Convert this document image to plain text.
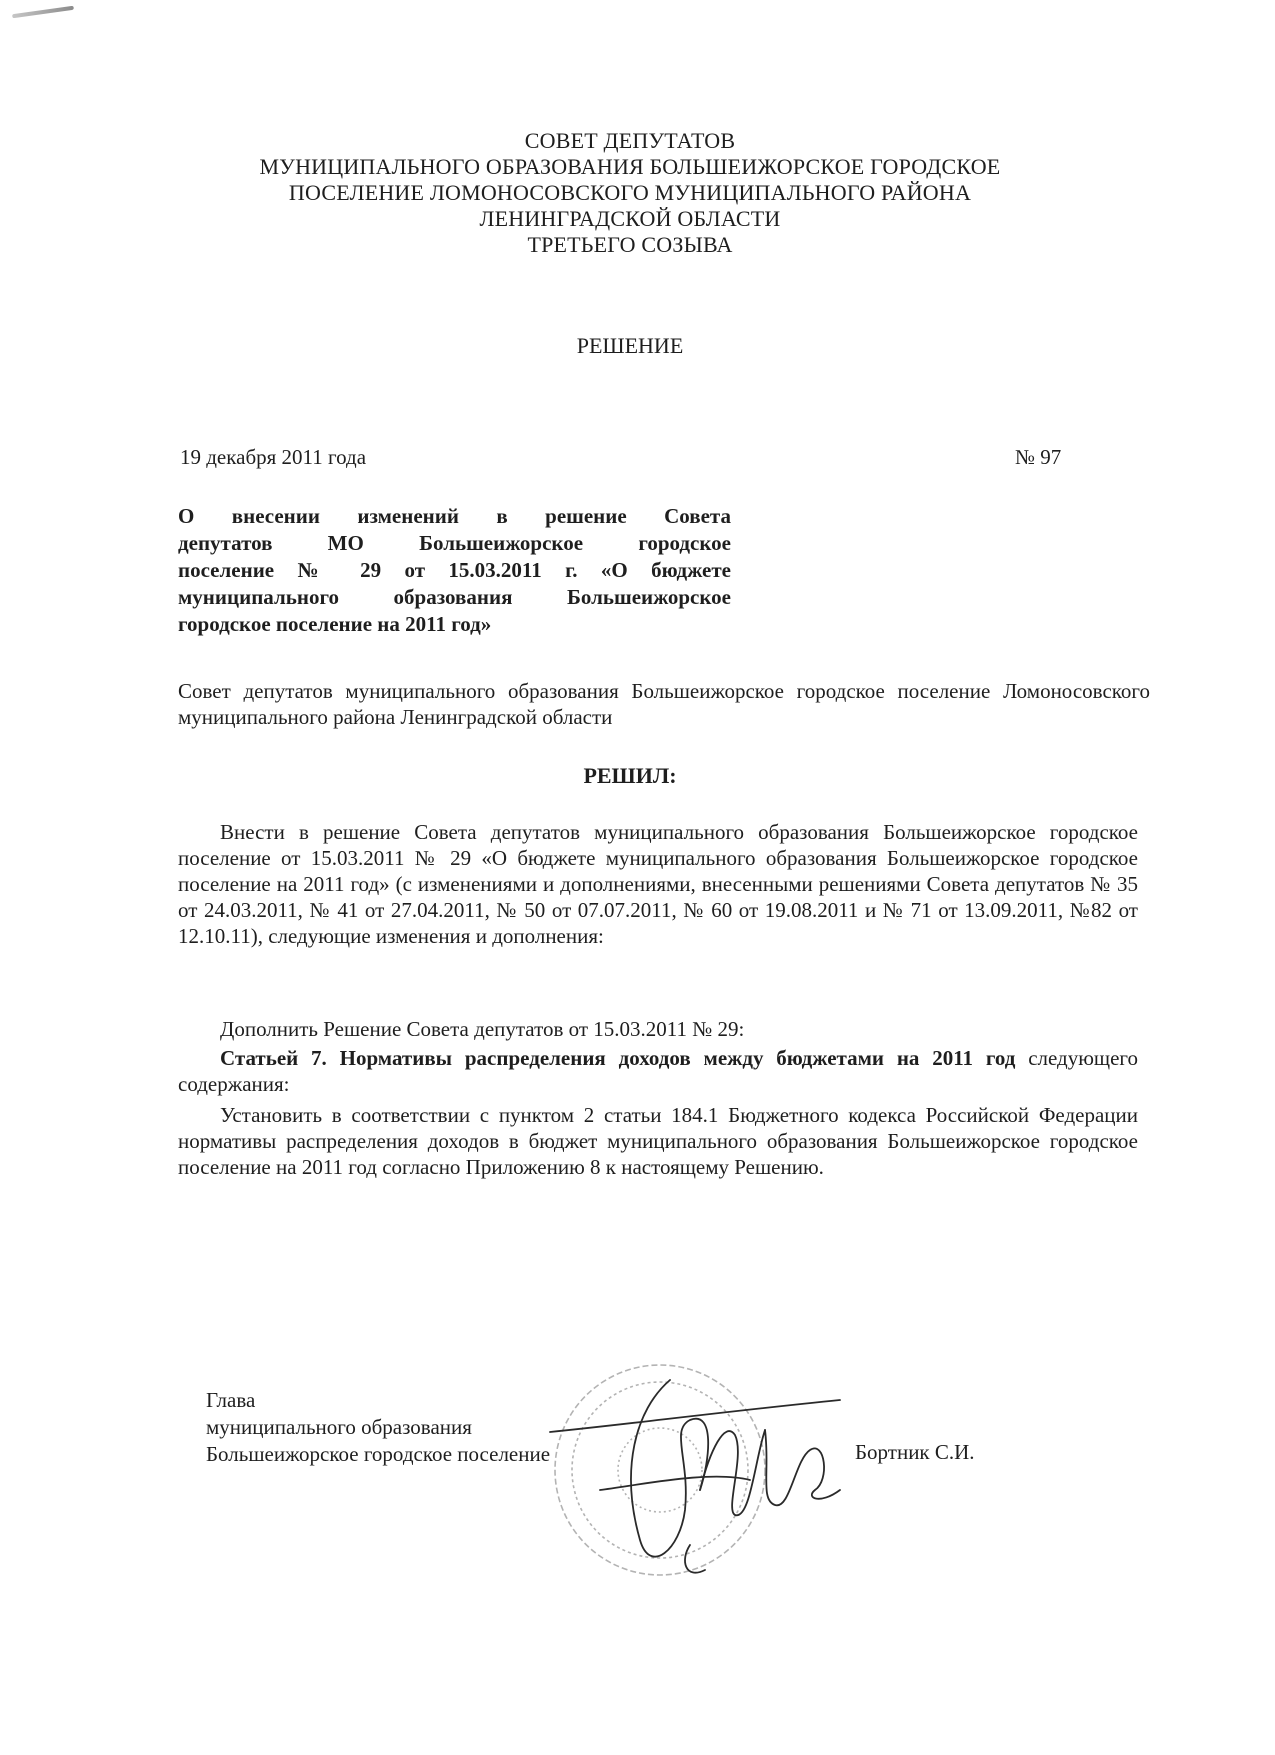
СОВЕТ ДЕПУТАТОВ
МУНИЦИПАЛЬНОГО ОБРАЗОВАНИЯ БОЛЬШЕИЖОРСКОЕ ГОРОДСКОЕ
ПОСЕЛЕНИЕ ЛОМОНОСОВСКОГО МУНИЦИПАЛЬНОГО РАЙОНА
ЛЕНИНГРАДСКОЙ ОБЛАСТИ
ТРЕТЬЕГО СОЗЫВА
РЕШЕНИЕ
19 декабря 2011 года	№ 97
О внесении изменений в решение Совета
депутатов МО Большеижорское городское
поселение № 29 от 15.03.2011 г. «О бюджете
муниципального образования Большеижорское
городское поселение на 2011 год»
Совет депутатов муниципального образования Большеижорское городское поселение Ломоносовского муниципального района Ленинградской области
РЕШИЛ:
Внести в решение Совета депутатов муниципального образования Большеижорское городское поселение от 15.03.2011 № 29 «О бюджете муниципального образования Большеижорское городское поселение на 2011 год» (с изменениями и дополнениями, внесенными решениями Совета депутатов № 35 от 24.03.2011, № 41 от 27.04.2011, № 50 от 07.07.2011, № 60 от 19.08.2011 и № 71 от 13.09.2011, №82 от 12.10.11), следующие изменения и дополнения:
Дополнить Решение Совета депутатов от 15.03.2011 № 29:
Статьей 7. Нормативы распределения доходов между бюджетами на 2011 год следующего содержания:
Установить в соответствии с пунктом 2 статьи 184.1 Бюджетного кодекса Российской Федерации нормативы распределения доходов в бюджет муниципального образования Большеижорское городское поселение на 2011 год согласно Приложению 8 к настоящему Решению.
Глава
муниципального образования
Большеижорское городское поселение	Бортник С.И.
